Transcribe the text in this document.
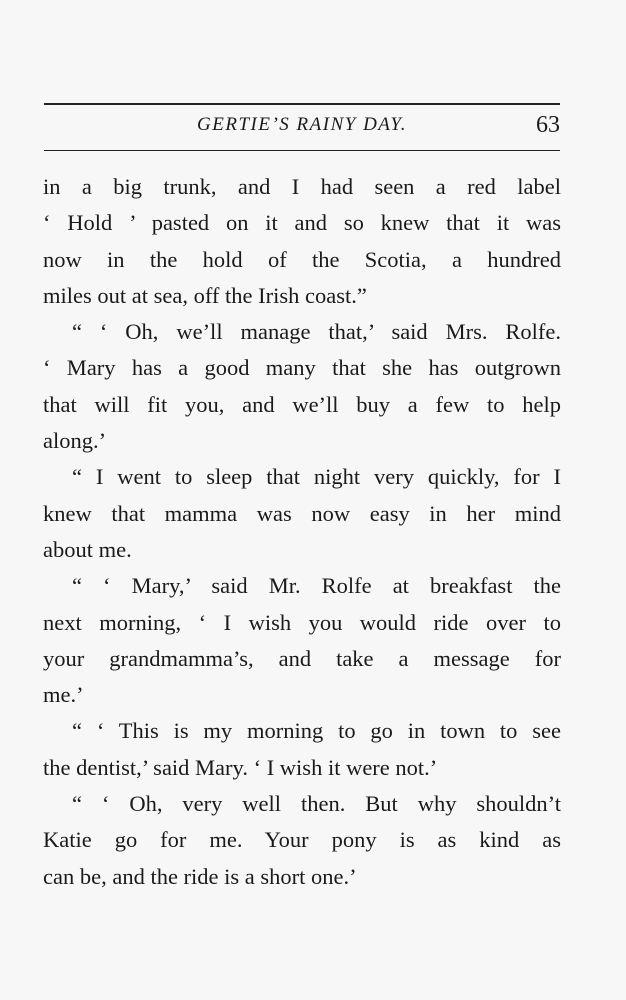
GERTIE’S RAINY DAY.	63
in a big trunk, and I had seen a red label
‘ Hold ’ pasted on it and so knew that it was
now in the hold of the Scotia, a hundred
miles out at sea, off the Irish coast.”
“ ‘ Oh, we’ll manage that,’ said Mrs. Rolfe.
‘ Mary has a good many that she has outgrown
that will fit you, and we’ll buy a few to help
along.’
“ I went to sleep that night very quickly, for I
knew that mamma was now easy in her mind
about me.
“ ‘ Mary,’ said Mr. Rolfe at breakfast the
next morning, ‘ I wish you would ride over to
your grandmamma’s, and take a message for
me.’
“ ‘ This is my morning to go in town to see
the dentist,’ said Mary. ‘ I wish it were not.’
“ ‘ Oh, very well then. But why shouldn’t
Katie go for me. Your pony is as kind as
can be, and the ride is a short one.’
